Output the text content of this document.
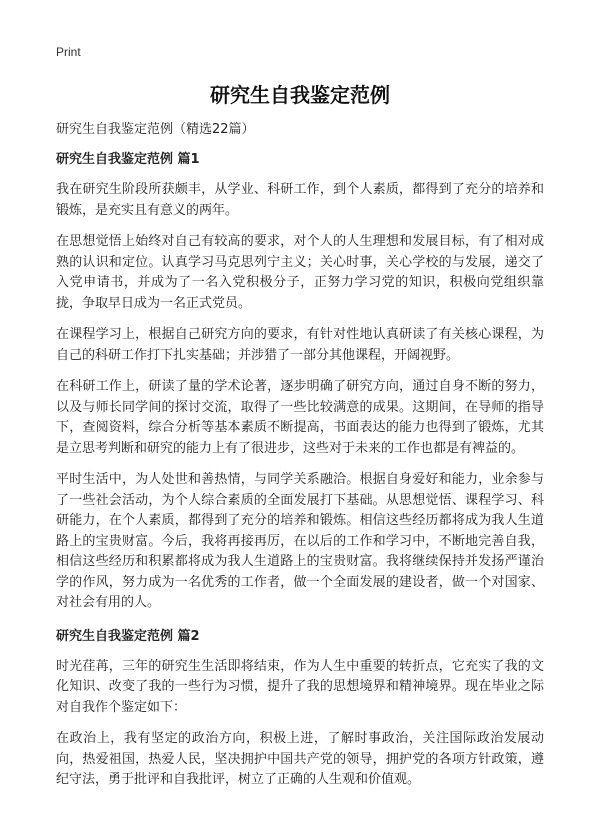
Print
研究生自我鉴定范例
研究生自我鉴定范例（精选22篇）
研究生自我鉴定范例 篇1

我在研究生阶段所获颇丰，从学业、科研工作，到个人素质，都得到了充分的培养和锻炼，是充实且有意义的两年。

在思想觉悟上始终对自己有较高的要求，对个人的人生理想和发展目标，有了相对成熟的认识和定位。认真学习马克思列宁主义；关心时事，关心学校的与发展，递交了入党申请书，并成为了一名入党积极分子，正努力学习党的知识，积极向党组织靠拢，争取早日成为一名正式党员。

在课程学习上，根据自己研究方向的要求，有针对性地认真研读了有关核心课程，为自己的科研工作打下扎实基础；并涉猎了一部分其他课程，开阔视野。

在科研工作上，研读了量的学术论著，逐步明确了研究方向，通过自身不断的努力，以及与师长同学间的探讨交流，取得了一些比较满意的成果。这期间，在导师的指导下，查阅资料，综合分析等基本素质不断提高，书面表达的能力也得到了锻炼，尤其是立思考判断和研究的能力上有了很进步，这些对于未来的工作也都是有裨益的。

平时生活中，为人处世和善热情，与同学关系融洽。根据自身爱好和能力，业余参与了一些社会活动，为个人综合素质的全面发展打下基础。从思想觉悟、课程学习、科研能力，在个人素质，都得到了充分的培养和锻炼。相信这些经历都将成为我人生道路上的宝贵财富。今后，我将再接再厉，在以后的工作和学习中，不断地完善自我，相信这些经历和积累都将成为我人生道路上的宝贵财富。我将继续保持并发扬严谨治学的作风，努力成为一名优秀的工作者，做一个全面发展的建设者，做一个对国家、对社会有用的人。

研究生自我鉴定范例 篇2

时光荏苒，三年的研究生生活即将结束，作为人生中重要的转折点，它充实了我的文化知识、改变了我的一些行为习惯，提升了我的思想境界和精神境界。现在毕业之际对自我作个鉴定如下：

在政治上，我有坚定的政治方向，积极上进，了解时事政治，关注国际政治发展动向，热爱祖国，热爱人民，坚决拥护中国共产党的领导，拥护党的各项方针政策，遵纪守法，勇于批评和自我批评，树立了正确的人生观和价值观。
